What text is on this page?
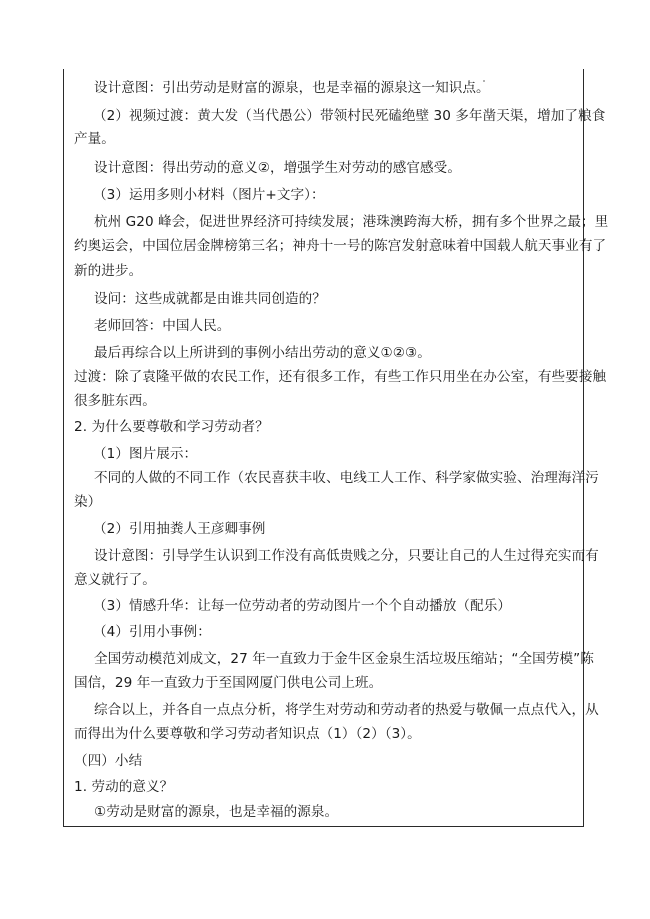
设计意图：引出劳动是财富的源泉，也是幸福的源泉这一知识点。
（2）视频过渡：黄大发（当代愚公）带领村民死磕绝壁 30 多年凿天渠，增加了粮食
产量。
设计意图：得出劳动的意义②，增强学生对劳动的感官感受。
（3）运用多则小材料（图片+文字）：
杭州 G20 峰会，促进世界经济可持续发展；港珠澳跨海大桥，拥有多个世界之最；里
约奥运会，中国位居金牌榜第三名；神舟十一号的陈宫发射意味着中国载人航天事业有了
新的进步。
设问：这些成就都是由谁共同创造的？
老师回答：中国人民。
最后再综合以上所讲到的事例小结出劳动的意义①②③。
过渡：除了袁隆平做的农民工作，还有很多工作，有些工作只用坐在办公室，有些要接触
很多脏东西。
2. 为什么要尊敬和学习劳动者？
（1）图片展示：
不同的人做的不同工作（农民喜获丰收、电线工人工作、科学家做实验、治理海洋污
染）
（2）引用抽粪人王彦卿事例
设计意图：引导学生认识到工作没有高低贵贱之分，只要让自己的人生过得充实而有
意义就行了。
（3）情感升华：让每一位劳动者的劳动图片一个个自动播放（配乐）
（4）引用小事例：
全国劳动模范刘成文，27 年一直致力于金牛区金泉生活垃圾压缩站；“全国劳模”陈
国信，29 年一直致力于至国网厦门供电公司上班。
综合以上，并各自一点点分析，将学生对劳动和劳动者的热爱与敬佩一点点代入，从
而得出为什么要尊敬和学习劳动者知识点（1）（2）（3）。
（四）小结
1. 劳动的意义？
①劳动是财富的源泉，也是幸福的源泉。
